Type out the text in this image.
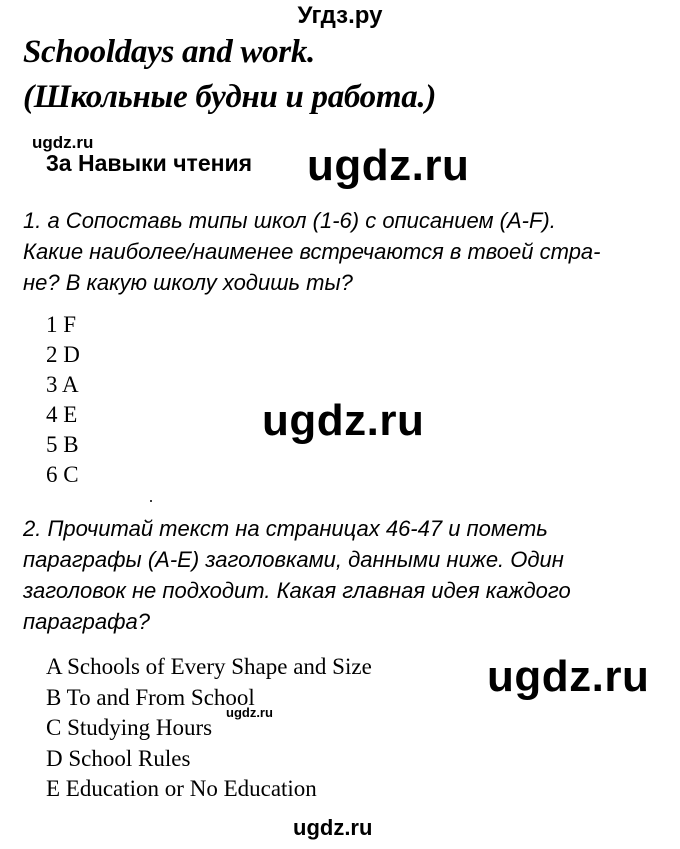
Угдз.ру
Schooldays and work.
(Школьные будни и работа.)
ugdz.ru
3a Навыки чтения ugdz.ru
1. a Сопоставь типы школ (1-6) с описанием (A-F).
Какие наиболее/наименее встречаются в твоей стра-
не? В какую школу ходишь ты?
1 F
2 D
3 A
4 E
5 B
6 C
ugdz.ru
2. Прочитай текст на страницах 46-47 и пометь
параграфы (A-E) заголовками, данными ниже. Один
заголовок не подходит. Какая главная идея каждого
параграфа?
A Schools of Every Shape and Size
B To and From School
C Studying Hours
D School Rules
E Education or No Education
ugdz.ru
ugdz.ru
ugdz.ru
